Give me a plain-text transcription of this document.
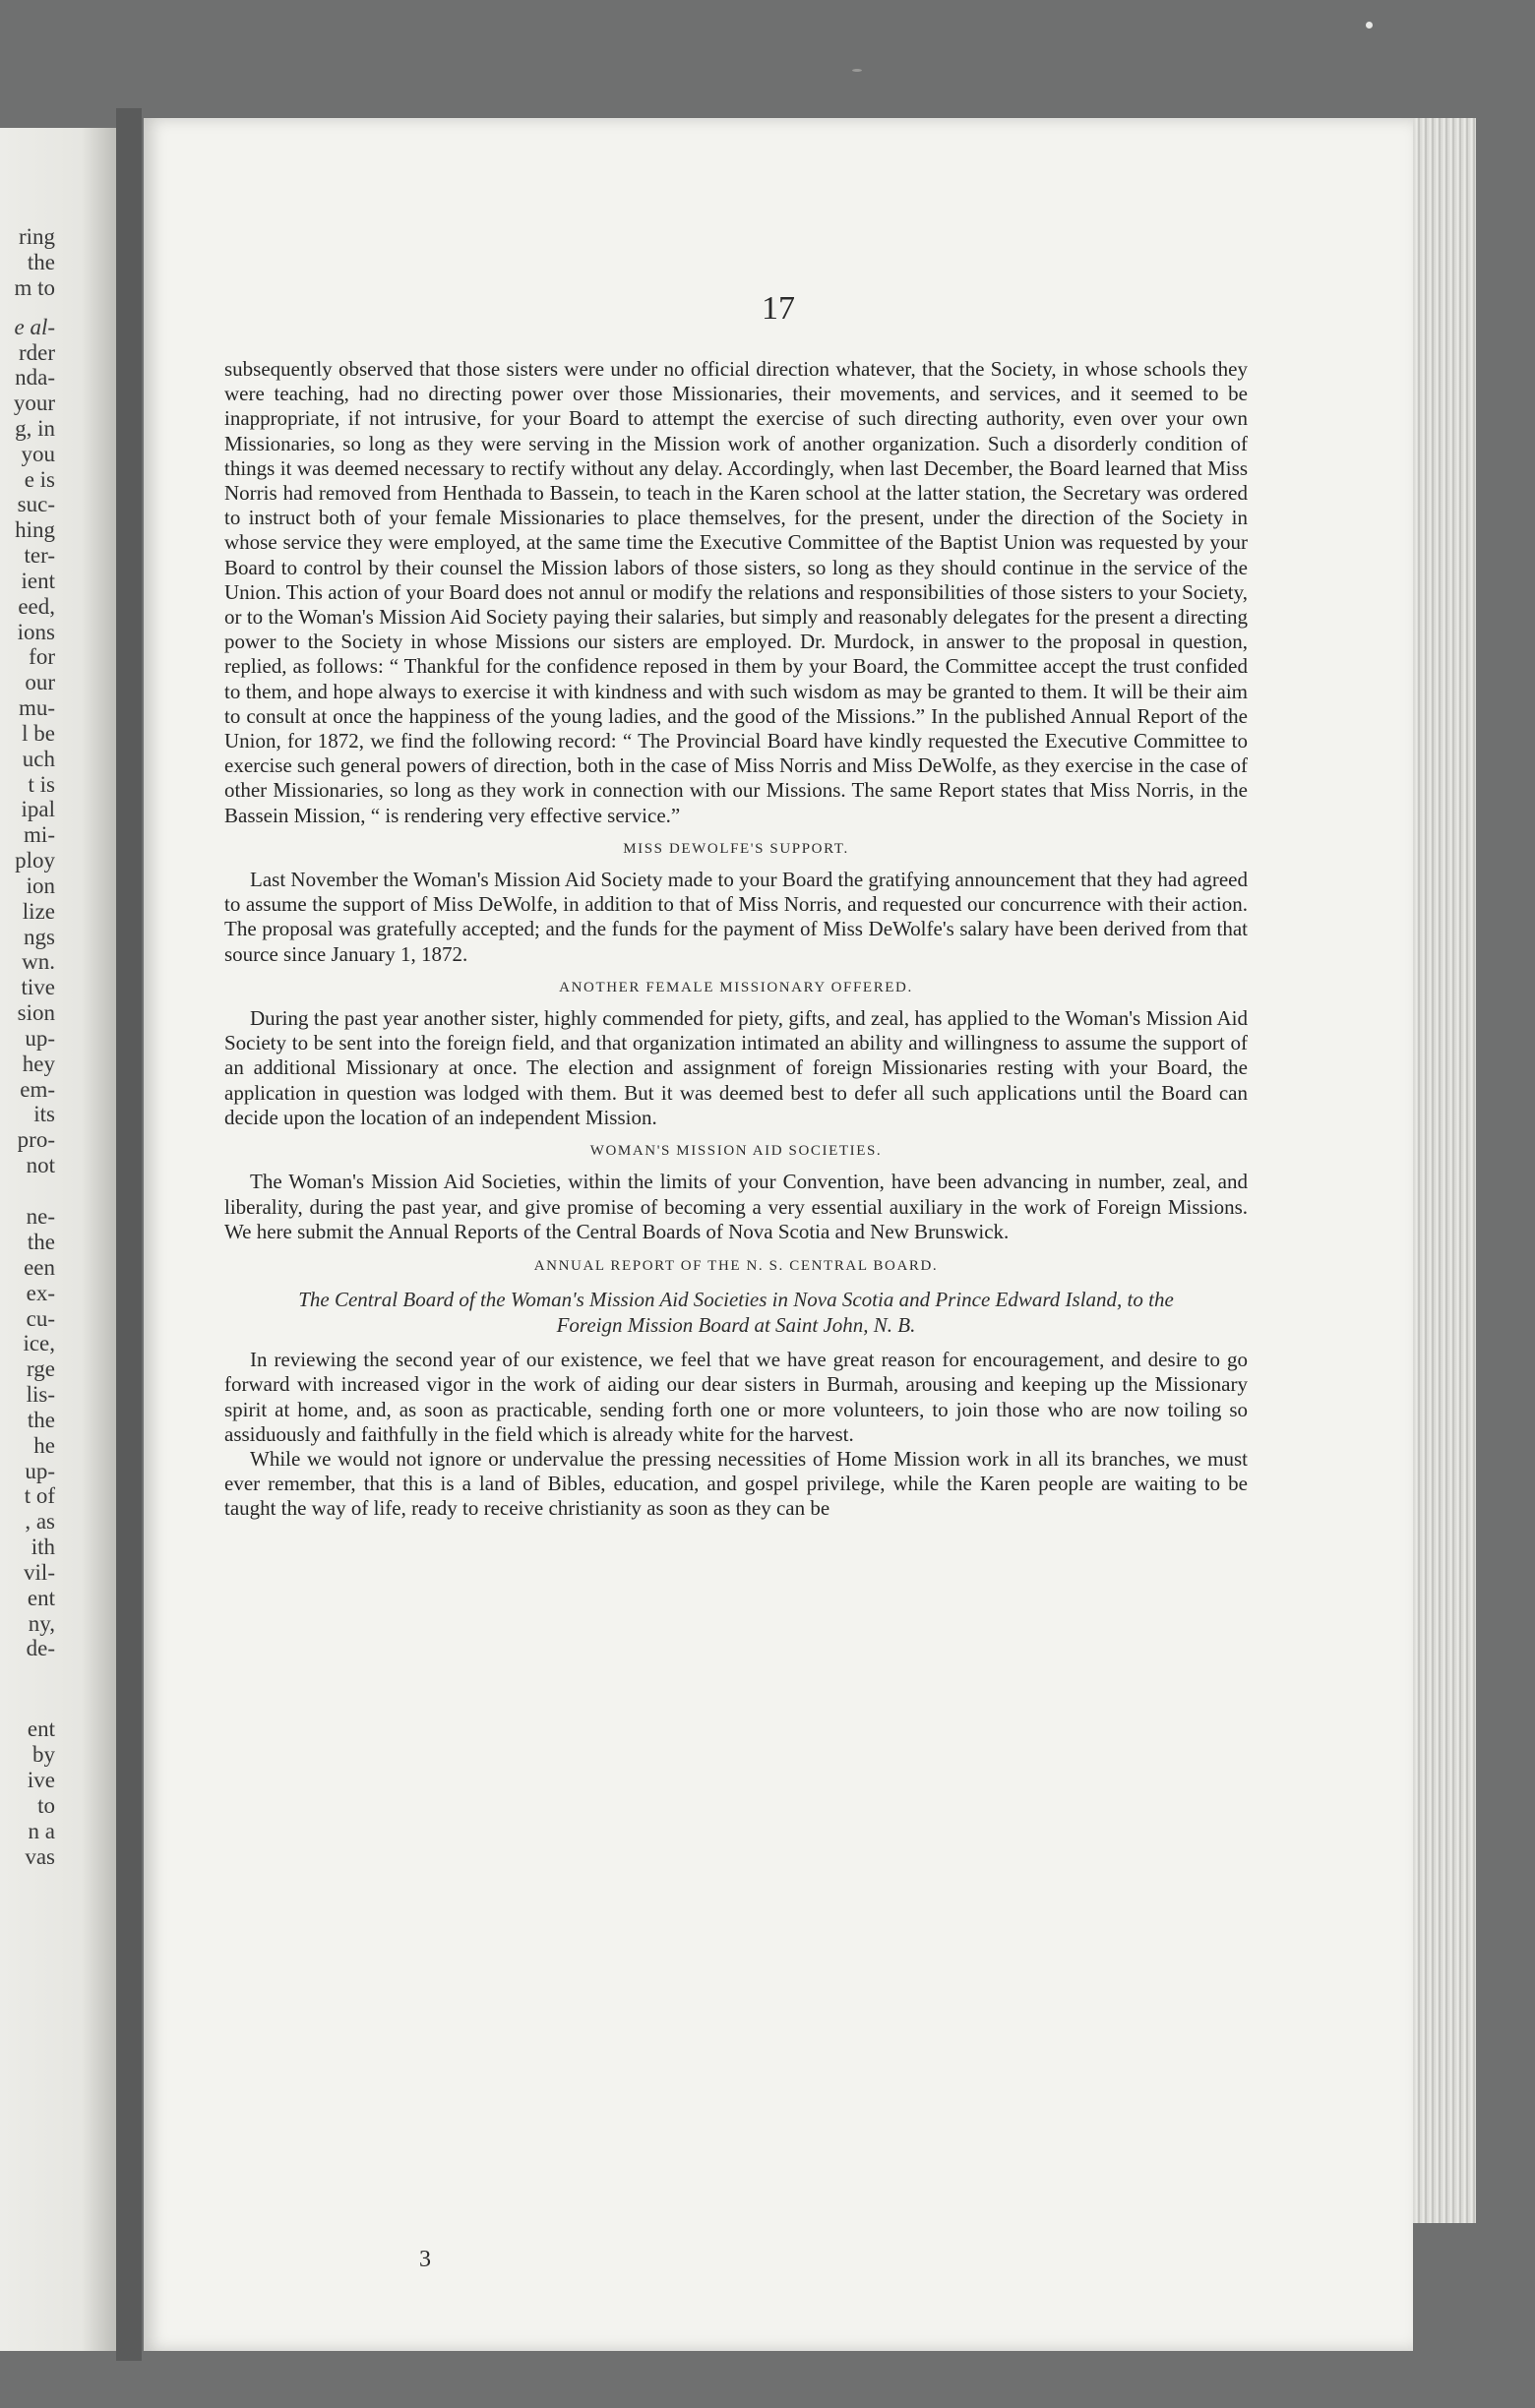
ring
the
m to
e al-
rder
nda-
your
g, in
you
e is
suc-
hing
ter-
ient
eed,
ions
for
our
mu-
l be
uch
t is
ipal
mi-
ploy
ion
lize
ngs
wn.
tive
sion
up-
hey
em-
its
pro-
not
ne-
the
een
ex-
cu-
ice,
rge
lis-
the
he
up-
t of
, as
ith
vil-
ent
ny,
de-
ent
by
ive
to
n a
vas
17

subsequently observed that those sisters were under no official direction whatever, that the Society, in whose schools they were teaching, had no directing power over those Missionaries, their movements, and services, and it seemed to be inappropriate, if not intrusive, for your Board to attempt the exercise of such directing authority, even over your own Missionaries, so long as they were serving in the Mission work of another organization. Such a disorderly condition of things it was deemed necessary to rectify without any delay. Accordingly, when last December, the Board learned that Miss Norris had removed from Henthada to Bassein, to teach in the Karen school at the latter station, the Secretary was ordered to instruct both of your female Missionaries to place themselves, for the present, under the direction of the Society in whose service they were employed, at the same time the Executive Committee of the Baptist Union was requested by your Board to control by their counsel the Mission labors of those sisters, so long as they should continue in the service of the Union. This action of your Board does not annul or modify the relations and responsibilities of those sisters to your Society, or to the Woman's Mission Aid Society paying their salaries, but simply and reasonably delegates for the present a directing power to the Society in whose Missions our sisters are employed. Dr. Murdock, in answer to the proposal in question, replied, as follows: “ Thankful for the confidence reposed in them by your Board, the Committee accept the trust confided to them, and hope always to exercise it with kindness and with such wisdom as may be granted to them. It will be their aim to consult at once the happiness of the young ladies, and the good of the Missions.” In the published Annual Report of the Union, for 1872, we find the following record: “ The Provincial Board have kindly requested the Executive Committee to exercise such general powers of direction, both in the case of Miss Norris and Miss DeWolfe, as they exercise in the case of other Missionaries, so long as they work in connection with our Missions. The same Report states that Miss Norris, in the Bassein Mission, “ is rendering very effective service.”

MISS DEWOLFE'S SUPPORT.

Last November the Woman's Mission Aid Society made to your Board the gratifying announcement that they had agreed to assume the support of Miss DeWolfe, in addition to that of Miss Norris, and requested our concurrence with their action. The proposal was gratefully accepted; and the funds for the payment of Miss DeWolfe's salary have been derived from that source since January 1, 1872.

ANOTHER FEMALE MISSIONARY OFFERED.

During the past year another sister, highly commended for piety, gifts, and zeal, has applied to the Woman's Mission Aid Society to be sent into the foreign field, and that organization intimated an ability and willingness to assume the support of an additional Missionary at once. The election and assignment of foreign Missionaries resting with your Board, the application in question was lodged with them. But it was deemed best to defer all such applications until the Board can decide upon the location of an independent Mission.

WOMAN'S MISSION AID SOCIETIES.

The Woman's Mission Aid Societies, within the limits of your Convention, have been advancing in number, zeal, and liberality, during the past year, and give promise of becoming a very essential auxiliary in the work of Foreign Missions. We here submit the Annual Reports of the Central Boards of Nova Scotia and New Brunswick.

ANNUAL REPORT OF THE N. S. CENTRAL BOARD.
The Central Board of the Woman's Mission Aid Societies in Nova Scotia and Prince Edward Island, to the Foreign Mission Board at Saint John, N. B.

In reviewing the second year of our existence, we feel that we have great reason for encouragement, and desire to go forward with increased vigor in the work of aiding our dear sisters in Burmah, arousing and keeping up the Missionary spirit at home, and, as soon as practicable, sending forth one or more volunteers, to join those who are now toiling so assiduously and faithfully in the field which is already white for the harvest.

While we would not ignore or undervalue the pressing necessities of Home Mission work in all its branches, we must ever remember, that this is a land of Bibles, education, and gospel privilege, while the Karen people are waiting to be taught the way of life, ready to receive christianity as soon as they can be

3
